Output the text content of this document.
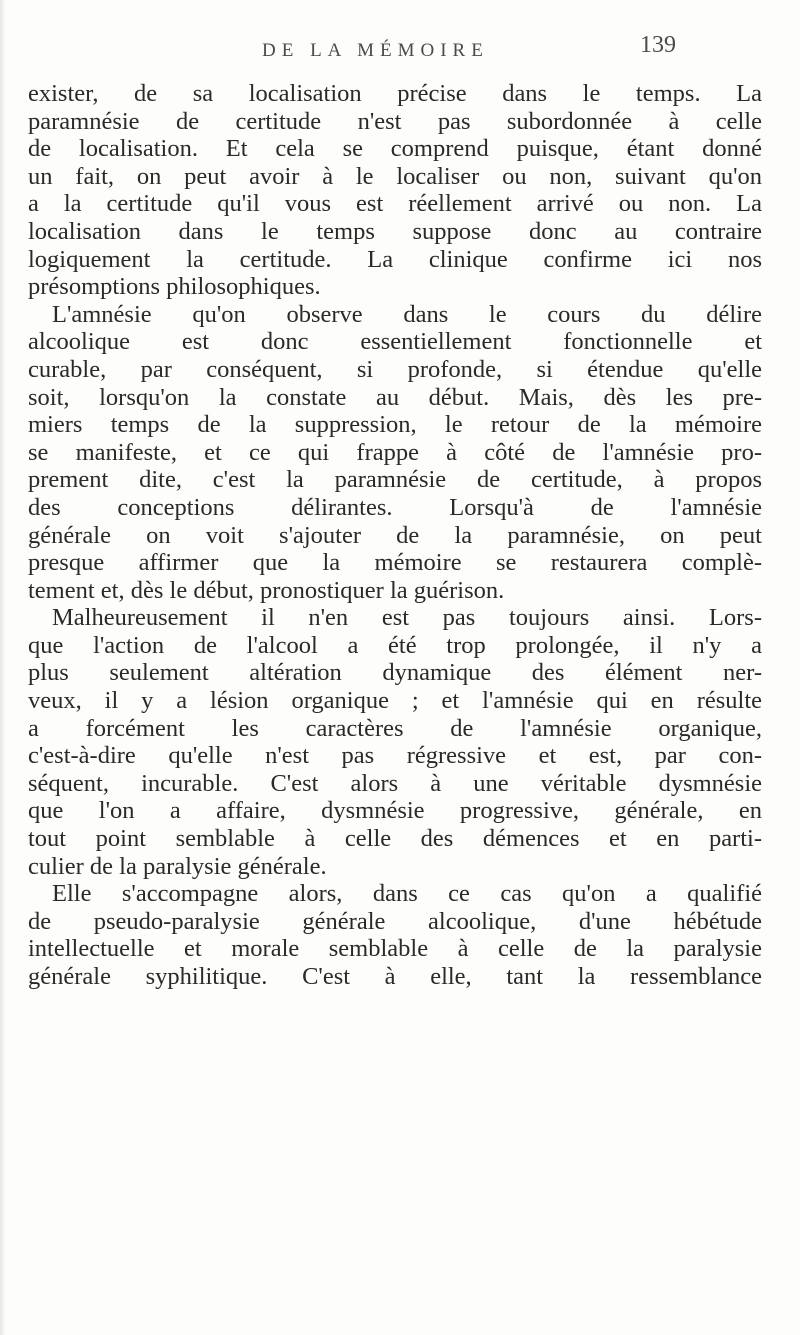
DE LA MÉMOIRE	139
exister, de sa localisation précise dans le temps. La
paramnésie de certitude n'est pas subordonnée à celle
de localisation. Et cela se comprend puisque, étant donné
un fait, on peut avoir à le localiser ou non, suivant qu'on
a la certitude qu'il vous est réellement arrivé ou non. La
localisation dans le temps suppose donc au contraire
logiquement la certitude. La clinique confirme ici nos
présomptions philosophiques.
L'amnésie qu'on observe dans le cours du délire
alcoolique est donc essentiellement fonctionnelle et
curable, par conséquent, si profonde, si étendue qu'elle
soit, lorsqu'on la constate au début. Mais, dès les pre-
miers temps de la suppression, le retour de la mémoire
se manifeste, et ce qui frappe à côté de l'amnésie pro-
prement dite, c'est la paramnésie de certitude, à propos
des conceptions délirantes. Lorsqu'à de l'amnésie
générale on voit s'ajouter de la paramnésie, on peut
presque affirmer que la mémoire se restaurera complè-
tement et, dès le début, pronostiquer la guérison.
Malheureusement il n'en est pas toujours ainsi. Lors-
que l'action de l'alcool a été trop prolongée, il n'y a
plus seulement altération dynamique des élément ner-
veux, il y a lésion organique ; et l'amnésie qui en résulte
a forcément les caractères de l'amnésie organique,
c'est-à-dire qu'elle n'est pas régressive et est, par con-
séquent, incurable. C'est alors à une véritable dysmnésie
que l'on a affaire, dysmnésie progressive, générale, en
tout point semblable à celle des démences et en parti-
culier de la paralysie générale.
Elle s'accompagne alors, dans ce cas qu'on a qualifié
de pseudo-paralysie générale alcoolique, d'une hébétude
intellectuelle et morale semblable à celle de la paralysie
générale syphilitique. C'est à elle, tant la ressemblance
